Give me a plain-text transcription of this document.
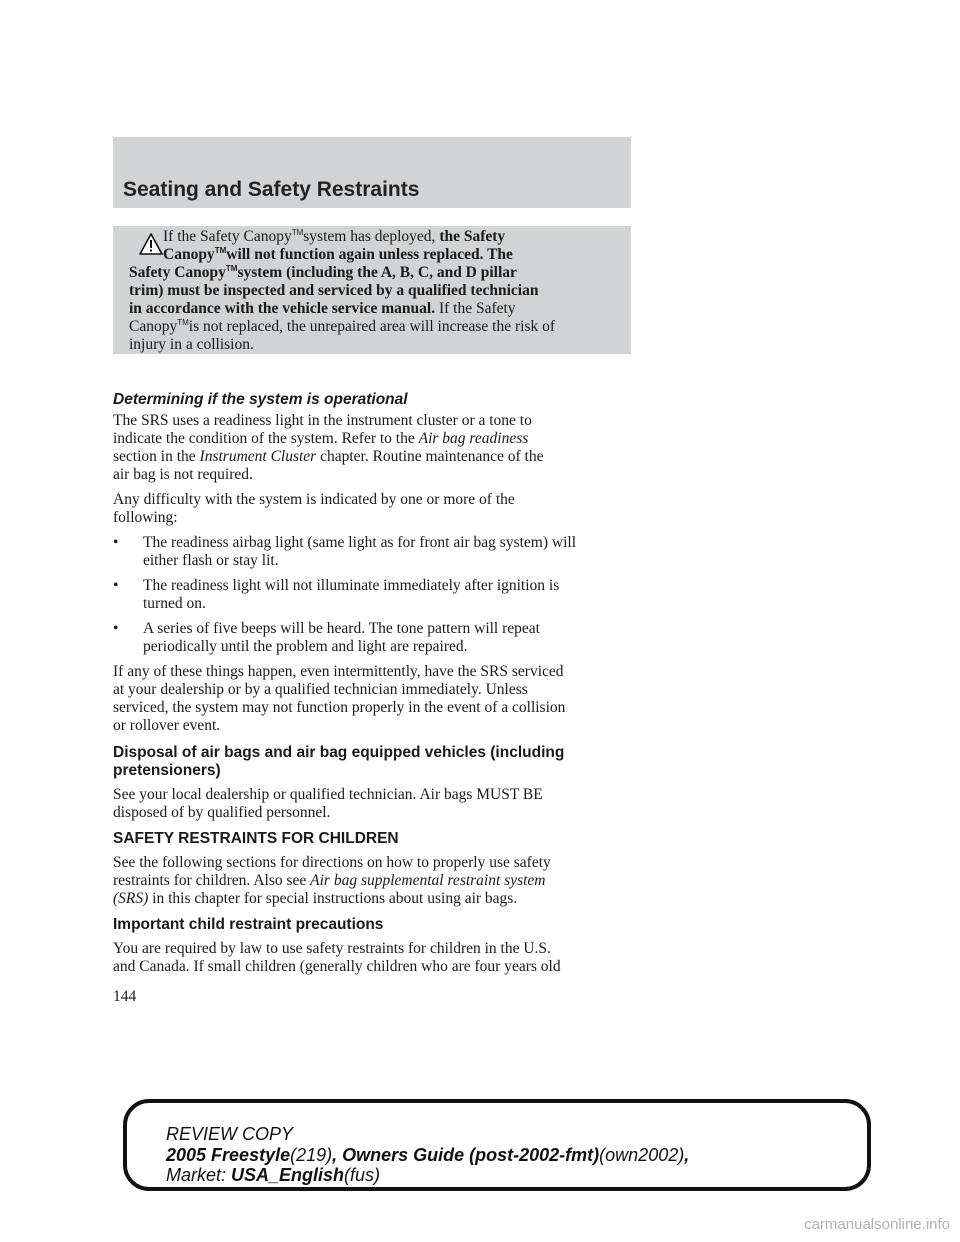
Seating and Safety Restraints
If the Safety Canopy™system has deployed, the Safety
Canopy™will not function again unless replaced. The
Safety Canopy™system (including the A, B, C, and D pillar
trim) must be inspected and serviced by a qualified technician
in accordance with the vehicle service manual. If the Safety
Canopy™is not replaced, the unrepaired area will increase the risk of
injury in a collision.
Determining if the system is operational
The SRS uses a readiness light in the instrument cluster or a tone to
indicate the condition of the system. Refer to the Air bag readiness
section in the Instrument Cluster chapter. Routine maintenance of the
air bag is not required.
Any difficulty with the system is indicated by one or more of the
following:
• The readiness airbag light (same light as for front air bag system) will
either flash or stay lit.
• The readiness light will not illuminate immediately after ignition is
turned on.
• A series of five beeps will be heard. The tone pattern will repeat
periodically until the problem and light are repaired.
If any of these things happen, even intermittently, have the SRS serviced
at your dealership or by a qualified technician immediately. Unless
serviced, the system may not function properly in the event of a collision
or rollover event.
Disposal of air bags and air bag equipped vehicles (including
pretensioners)
See your local dealership or qualified technician. Air bags MUST BE
disposed of by qualified personnel.
SAFETY RESTRAINTS FOR CHILDREN
See the following sections for directions on how to properly use safety
restraints for children. Also see Air bag supplemental restraint system
(SRS) in this chapter for special instructions about using air bags.
Important child restraint precautions
You are required by law to use safety restraints for children in the U.S.
and Canada. If small children (generally children who are four years old
144
REVIEW COPY
2005 Freestyle(219), Owners Guide (post-2002-fmt)(own2002),
Market: USA_English(fus)
carmanualsonline.info
